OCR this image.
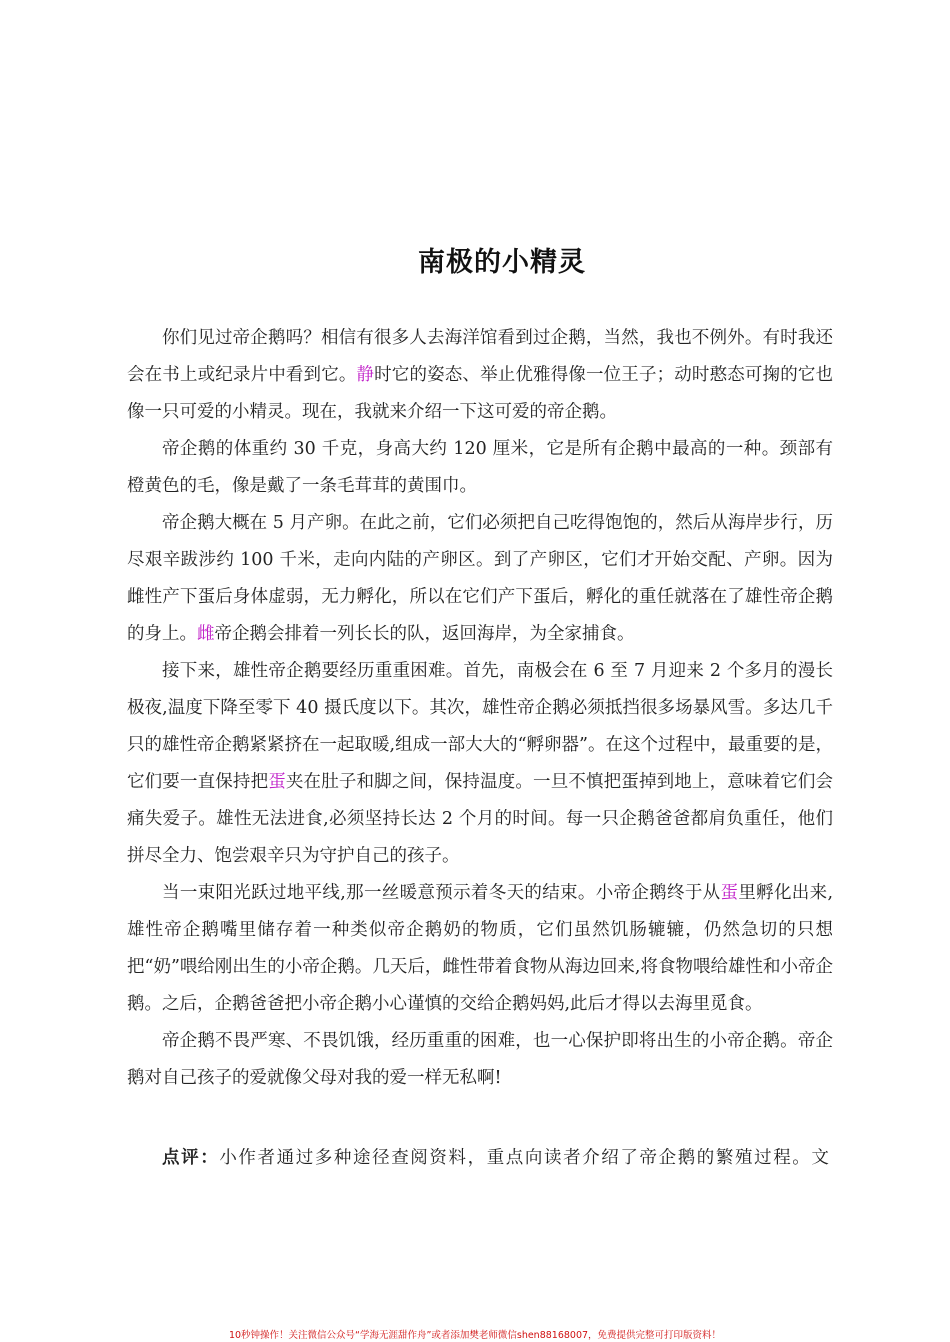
南极的小精灵

你们见过帝企鹅吗？相信有很多人去海洋馆看到过企鹅，当然，我也不例外。有时我还会在书上或纪录片中看到它。静时它的姿态、举止优雅得像一位王子；动时憨态可掬的它也像一只可爱的小精灵。现在，我就来介绍一下这可爱的帝企鹅。

帝企鹅的体重约 30 千克，身高大约 120 厘米，它是所有企鹅中最高的一种。颈部有橙黄色的毛，像是戴了一条毛茸茸的黄围巾。

帝企鹅大概在 5 月产卵。在此之前，它们必须把自己吃得饱饱的，然后从海岸步行，历尽艰辛跋涉约 100 千米，走向内陆的产卵区。到了产卵区，它们才开始交配、产卵。因为雌性产下蛋后身体虚弱，无力孵化，所以在它们产下蛋后，孵化的重任就落在了雄性帝企鹅的身上。雌帝企鹅会排着一列长长的队，返回海岸，为全家捕食。

接下来，雄性帝企鹅要经历重重困难。首先，南极会在 6 至 7 月迎来 2 个多月的漫长极夜,温度下降至零下 40 摄氏度以下。其次，雄性帝企鹅必须抵挡很多场暴风雪。多达几千只的雄性帝企鹅紧紧挤在一起取暖,组成一部大大的“孵卵器”。在这个过程中，最重要的是，它们要一直保持把蛋夹在肚子和脚之间，保持温度。一旦不慎把蛋掉到地上，意味着它们会痛失爱子。雄性无法进食,必须坚持长达 2 个月的时间。每一只企鹅爸爸都肩负重任，他们拼尽全力、饱尝艰辛只为守护自己的孩子。

当一束阳光跃过地平线,那一丝暖意预示着冬天的结束。小帝企鹅终于从蛋里孵化出来,雄性帝企鹅嘴里储存着一种类似帝企鹅奶的物质，它们虽然饥肠辘辘，仍然急切的只想把“奶”喂给刚出生的小帝企鹅。几天后，雌性带着食物从海边回来,将食物喂给雄性和小帝企鹅。之后，企鹅爸爸把小帝企鹅小心谨慎的交给企鹅妈妈,此后才得以去海里觅食。

帝企鹅不畏严寒、不畏饥饿，经历重重的困难，也一心保护即将出生的小帝企鹅。帝企鹅对自己孩子的爱就像父母对我的爱一样无私啊!

点评：小作者通过多种途径查阅资料，重点向读者介绍了帝企鹅的繁殖过程。文
10秒钟操作！关注微信公众号“学海无涯甜作舟”或者添加樊老师微信shen88168007，免费提供完整可打印版资料！
